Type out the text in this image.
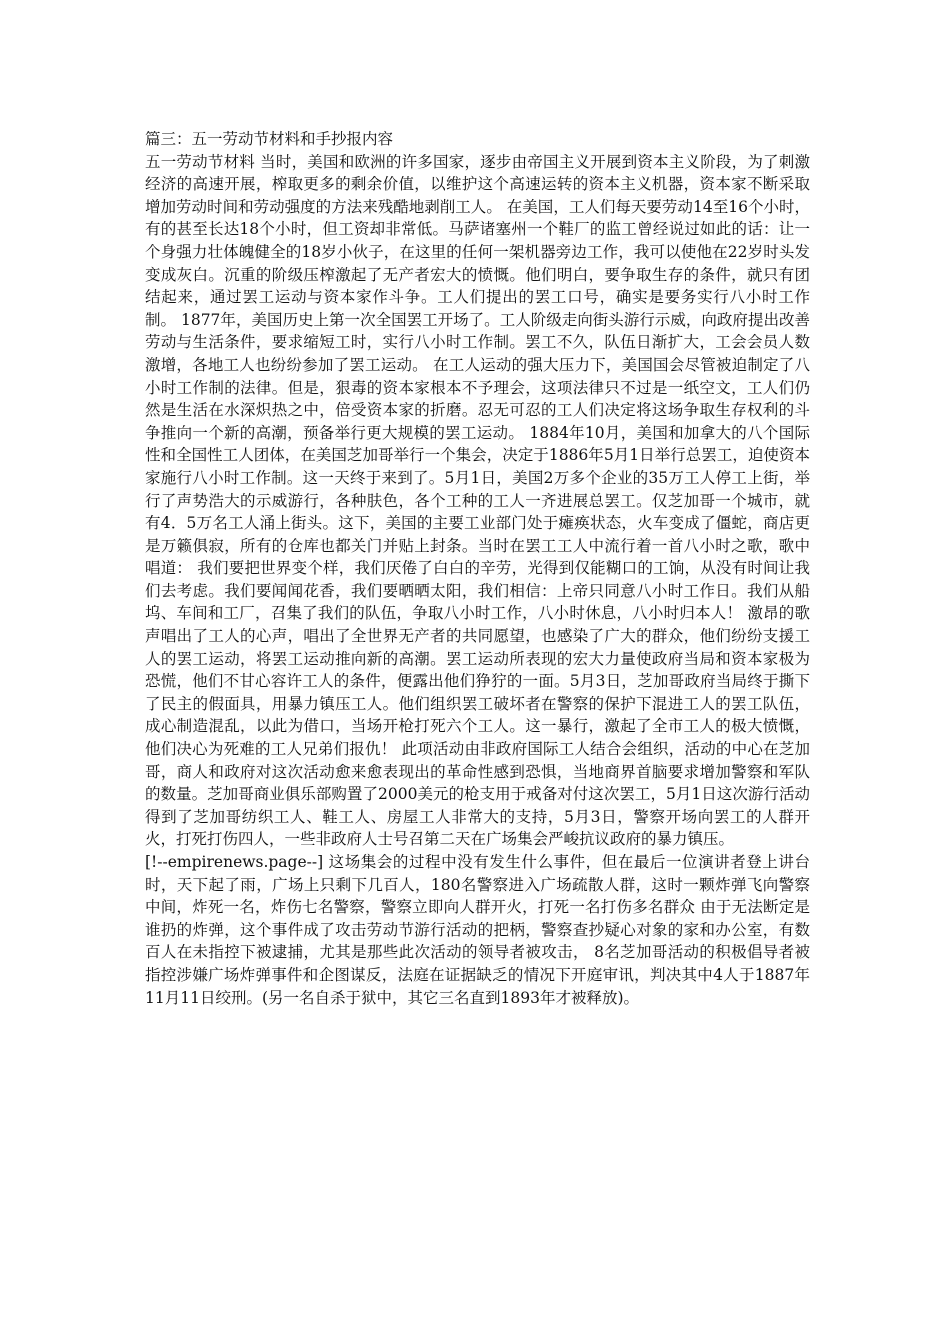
篇三：五一劳动节材料和手抄报内容

五一劳动节材料 当时，美国和欧洲的许多国家，逐步由帝国主义开展到资本主义阶段，为了刺激经济的高速开展，榨取更多的剩余价值，以维护这个高速运转的资本主义机器，资本家不断采取增加劳动时间和劳动强度的方法来残酷地剥削工人。 在美国，工人们每天要劳动14至16个小时，有的甚至长达18个小时，但工资却非常低。马萨诸塞州一个鞋厂的监工曾经说过如此的话：让一个身强力壮体魄健全的18岁小伙子，在这里的任何一架机器旁边工作，我可以使他在22岁时头发变成灰白。沉重的阶级压榨激起了无产者宏大的愤慨。他们明白，要争取生存的条件，就只有团结起来，通过罢工运动与资本家作斗争。工人们提出的罢工口号，确实是要务实行八小时工作制。 1877年，美国历史上第一次全国罢工开场了。工人阶级走向街头游行示威，向政府提出改善劳动与生活条件，要求缩短工时，实行八小时工作制。罢工不久，队伍日渐扩大，工会会员人数激增，各地工人也纷纷参加了罢工运动。 在工人运动的强大压力下，美国国会尽管被迫制定了八小时工作制的法律。但是，狠毒的资本家根本不予理会，这项法律只不过是一纸空文，工人们仍然是生活在水深炽热之中，倍受资本家的折磨。忍无可忍的工人们决定将这场争取生存权利的斗争推向一个新的高潮，预备举行更大规模的罢工运动。 1884年10月，美国和加拿大的八个国际性和全国性工人团体，在美国芝加哥举行一个集会，决定于1886年5月1日举行总罢工，迫使资本家施行八小时工作制。这一天终于来到了。5月1日，美国2万多个企业的35万工人停工上街，举行了声势浩大的示威游行，各种肤色，各个工种的工人一齐进展总罢工。仅芝加哥一个城市，就有4．5万名工人涌上街头。这下，美国的主要工业部门处于瘫痪状态，火车变成了僵蛇，商店更是万籁俱寂，所有的仓库也都关门并贴上封条。当时在罢工工人中流行着一首八小时之歌，歌中唱道： 我们要把世界变个样，我们厌倦了白白的辛劳，光得到仅能糊口的工饷，从没有时间让我们去考虑。我们要闻闻花香，我们要晒晒太阳，我们相信：上帝只同意八小时工作日。我们从船坞、车间和工厂，召集了我们的队伍，争取八小时工作，八小时休息，八小时归本人！ 激昂的歌声唱出了工人的心声，唱出了全世界无产者的共同愿望，也感染了广大的群众，他们纷纷支援工人的罢工运动，将罢工运动推向新的高潮。罢工运动所表现的宏大力量使政府当局和资本家极为恐慌，他们不甘心容许工人的条件，便露出他们狰狞的一面。5月3日，芝加哥政府当局终于撕下了民主的假面具，用暴力镇压工人。他们组织罢工破坏者在警察的保护下混进工人的罢工队伍，成心制造混乱，以此为借口，当场开枪打死六个工人。这一暴行，激起了全市工人的极大愤慨，他们决心为死难的工人兄弟们报仇！ 此项活动由非政府国际工人结合会组织，活动的中心在芝加哥，商人和政府对这次活动愈来愈表现出的革命性感到恐惧，当地商界首脑要求增加警察和军队的数量。芝加哥商业俱乐部购置了2000美元的枪支用于戒备对付这次罢工，5月1日这次游行活动得到了芝加哥纺织工人、鞋工人、房屋工人非常大的支持，5月3日，警察开场向罢工的人群开火，打死打伤四人，一些非政府人士号召第二天在广场集会严峻抗议政府的暴力镇压。

[!--empirenews.page--] 这场集会的过程中没有发生什么事件，但在最后一位演讲者登上讲台时，天下起了雨，广场上只剩下几百人，180名警察进入广场疏散人群，这时一颗炸弹飞向警察中间，炸死一名，炸伤七名警察，警察立即向人群开火，打死一名打伤多名群众 由于无法断定是谁扔的炸弹，这个事件成了攻击劳动节游行活动的把柄，警察查抄疑心对象的家和办公室，有数百人在未指控下被逮捕，尤其是那些此次活动的领导者被攻击， 8名芝加哥活动的积极倡导者被指控涉嫌广场炸弹事件和企图谋反，法庭在证据缺乏的情况下开庭审讯，判决其中4人于1887年11月11日绞刑。(另一名自杀于狱中，其它三名直到1893年才被释放)。
